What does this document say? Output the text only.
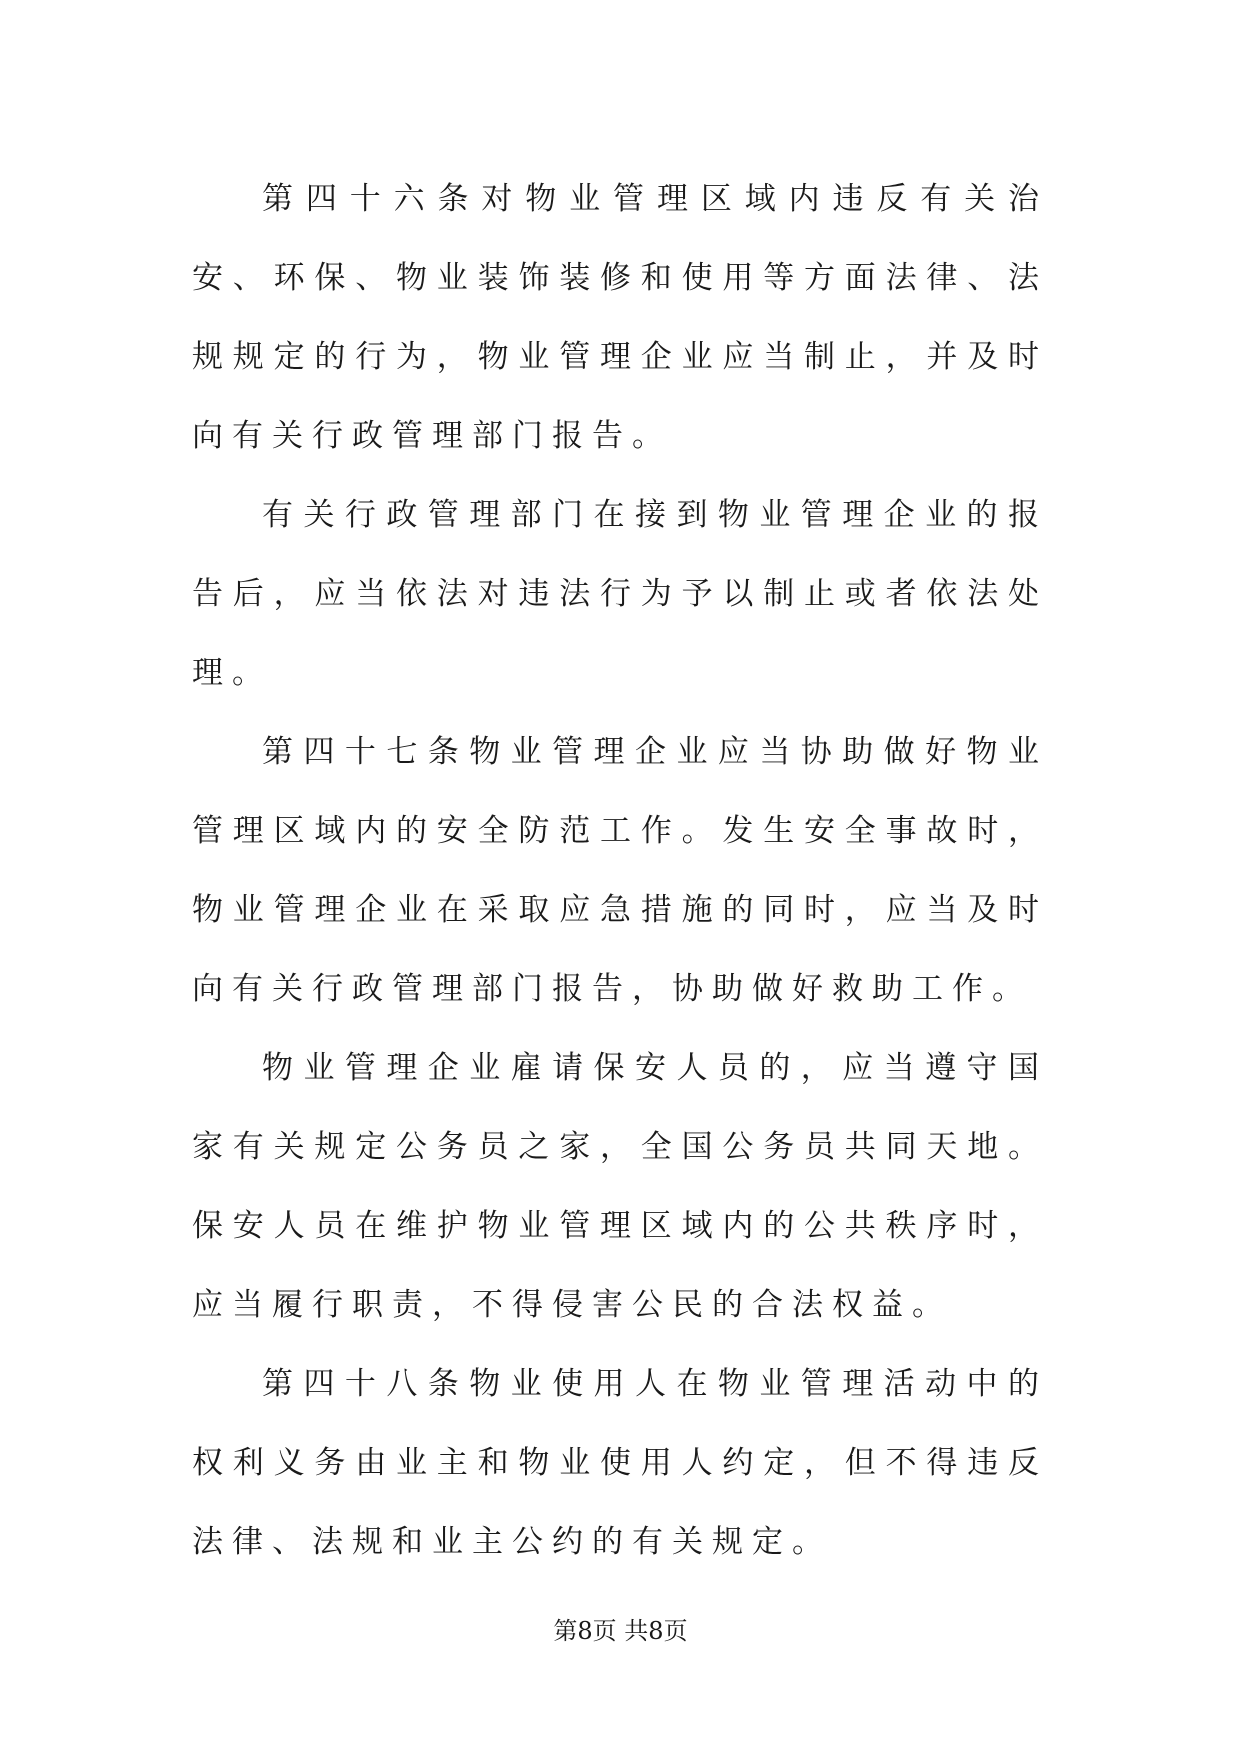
第四十六条对物业管理区域内违反有关治安、环保、物业装饰装修和使用等方面法律、法规规定的行为，物业管理企业应当制止，并及时向有关行政管理部门报告。

有关行政管理部门在接到物业管理企业的报告后，应当依法对违法行为予以制止或者依法处理。

第四十七条物业管理企业应当协助做好物业管理区域内的安全防范工作。发生安全事故时，物业管理企业在采取应急措施的同时，应当及时向有关行政管理部门报告，协助做好救助工作。

物业管理企业雇请保安人员的，应当遵守国家有关规定公务员之家，全国公务员共同天地。保安人员在维护物业管理区域内的公共秩序时，应当履行职责，不得侵害公民的合法权益。

第四十八条物业使用人在物业管理活动中的权利义务由业主和物业使用人约定，但不得违反法律、法规和业主公约的有关规定。

第8页 共8页
